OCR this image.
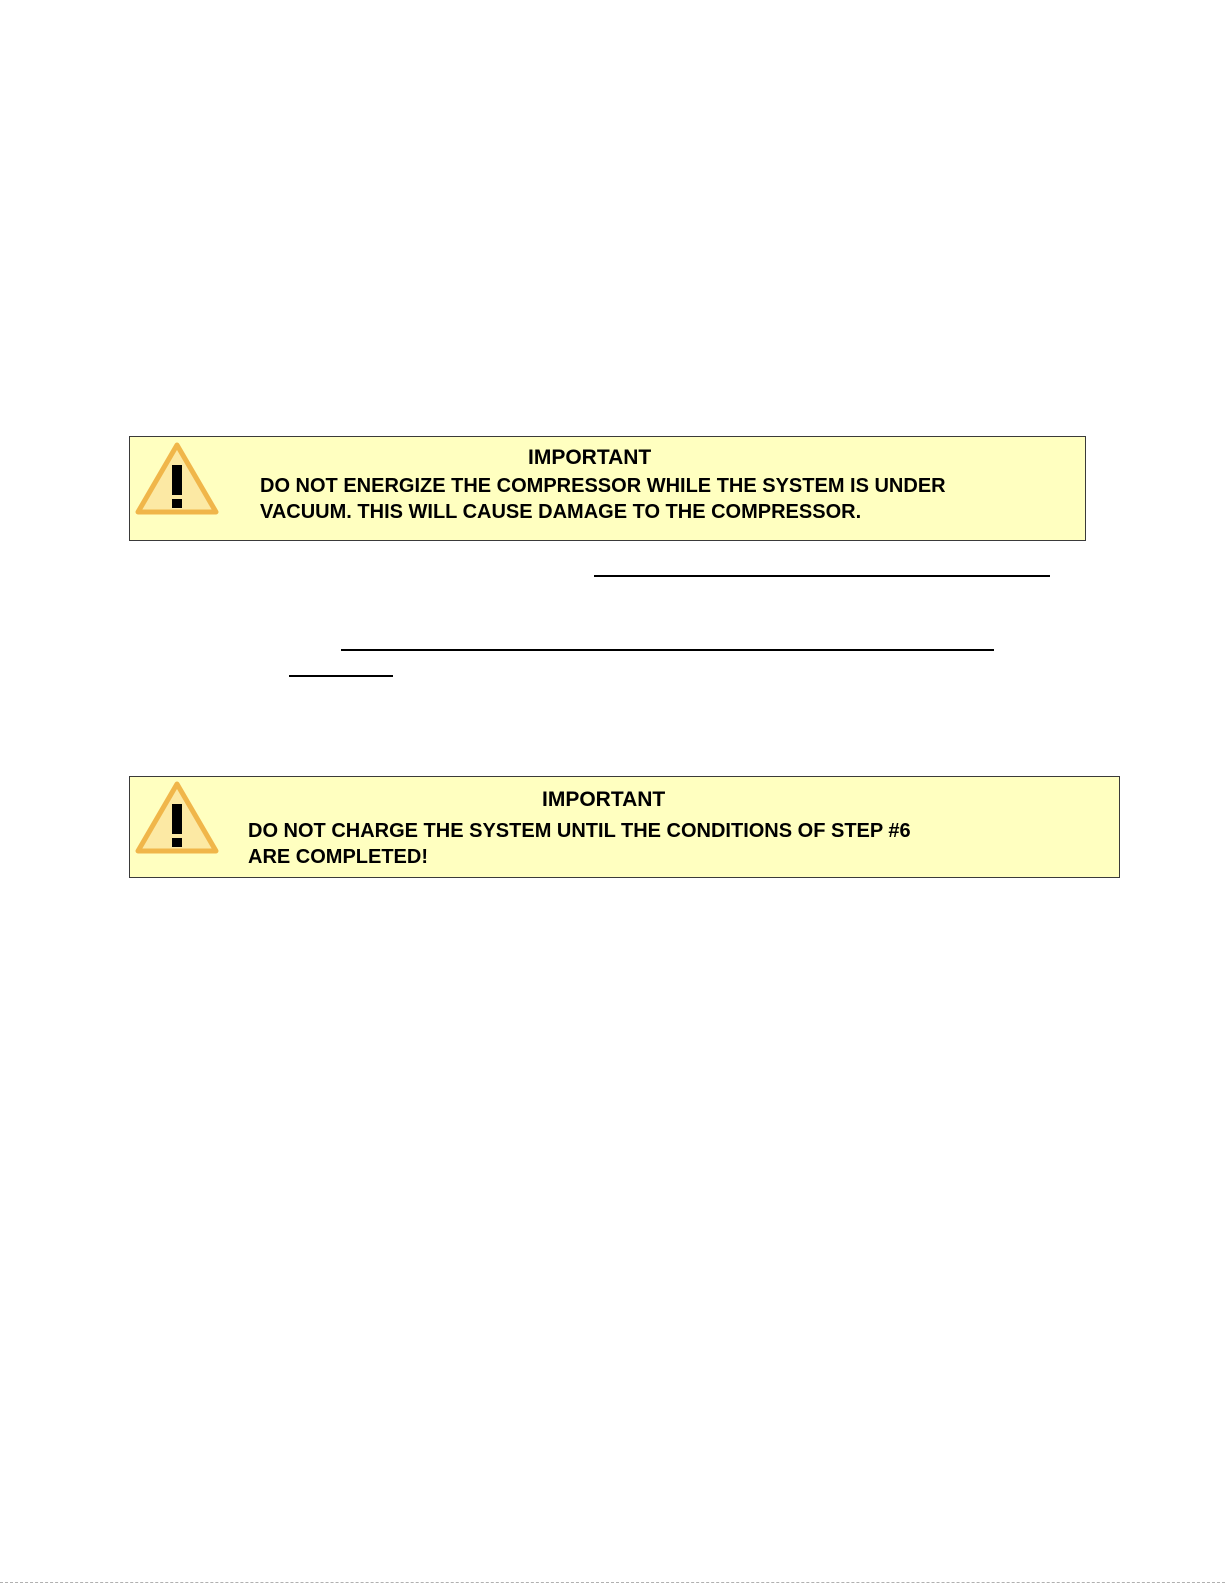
IMPORTANT

DO NOT ENERGIZE THE COMPRESSOR WHILE THE SYSTEM IS UNDER
VACUUM. THIS WILL CAUSE DAMAGE TO THE COMPRESSOR.

IMPORTANT

DO NOT CHARGE THE SYSTEM UNTIL THE CONDITIONS OF STEP #6
ARE COMPLETED!
